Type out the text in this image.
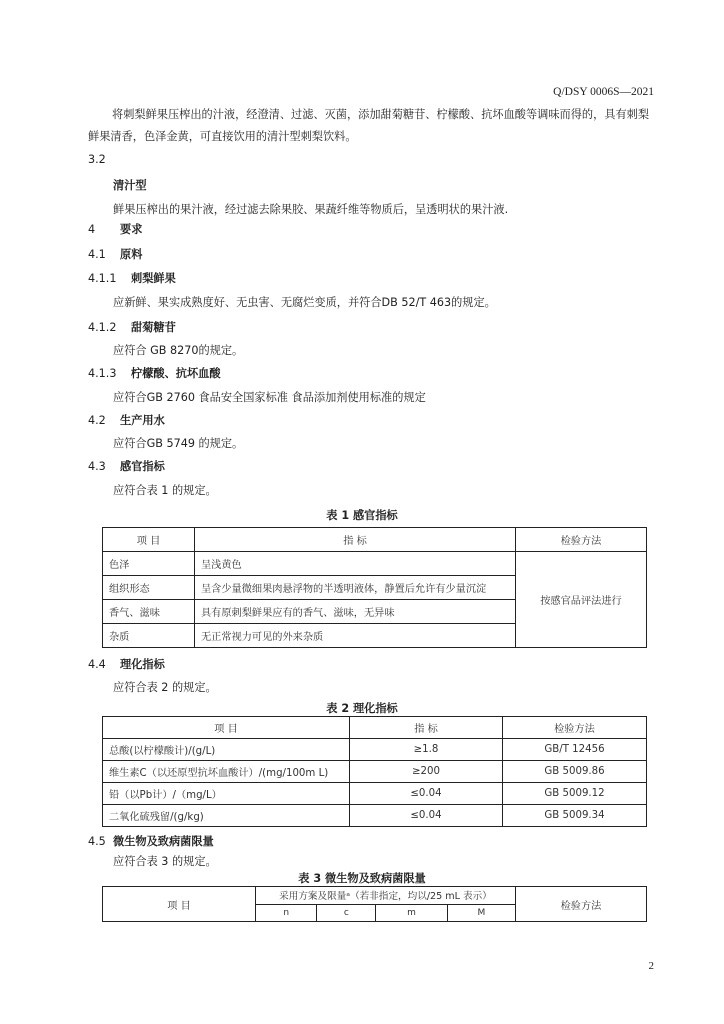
Q/DSY 0006S—2021
将刺梨鲜果压榨出的汁液，经澄清、过滤、灭菌，添加甜菊糖苷、柠檬酸、抗坏血酸等调味而得的，具有刺梨鲜果清香，色泽金黄，可直接饮用的清汁型刺梨饮料。
3.2
清汁型
鲜果压榨出的果汁液，经过滤去除果胶、果蔬纤维等物质后，呈透明状的果汁液.
4 要求
4.1 原料
4.1.1 刺梨鲜果
应新鲜、果实成熟度好、无虫害、无腐烂变质，并符合DB 52/T 463的规定。
4.1.2 甜菊糖苷
应符合 GB 8270的规定。
4.1.3 柠檬酸、抗坏血酸
应符合GB 2760 食品安全国家标准 食品添加剂使用标准的规定
4.2 生产用水
应符合GB 5749 的规定。
4.3 感官指标
应符合表 1 的规定。
表 1 感官指标
项 目	指 标	检验方法
色泽	呈浅黄色	按感官品评法进行
组织形态	呈含少量微细果肉悬浮物的半透明液体，静置后允许有少量沉淀	
香气、滋味	具有原刺梨鲜果应有的香气、滋味，无异味	
杂质	无正常视力可见的外来杂质	
4.4 理化指标
应符合表 2 的规定。
表 2 理化指标
项 目	指 标	检验方法
总酸(以柠檬酸计)/(g/L)	≥1.8	GB/T 12456
维生素C（以还原型抗坏血酸计）/(mg/100m L)	≥200	GB 5009.86
铅（以Pb计）/（mg/L）	≤0.04	GB 5009.12
二氧化硫残留/(g/kg)	≤0.04	GB 5009.34
4.5 微生物及致病菌限量
应符合表 3 的规定。
表 3 微生物及致病菌限量
项 目	采用方案及限量ᵃ（若非指定，均以/25 mL 表示）				检验方法
	n	c	m	M	
2
